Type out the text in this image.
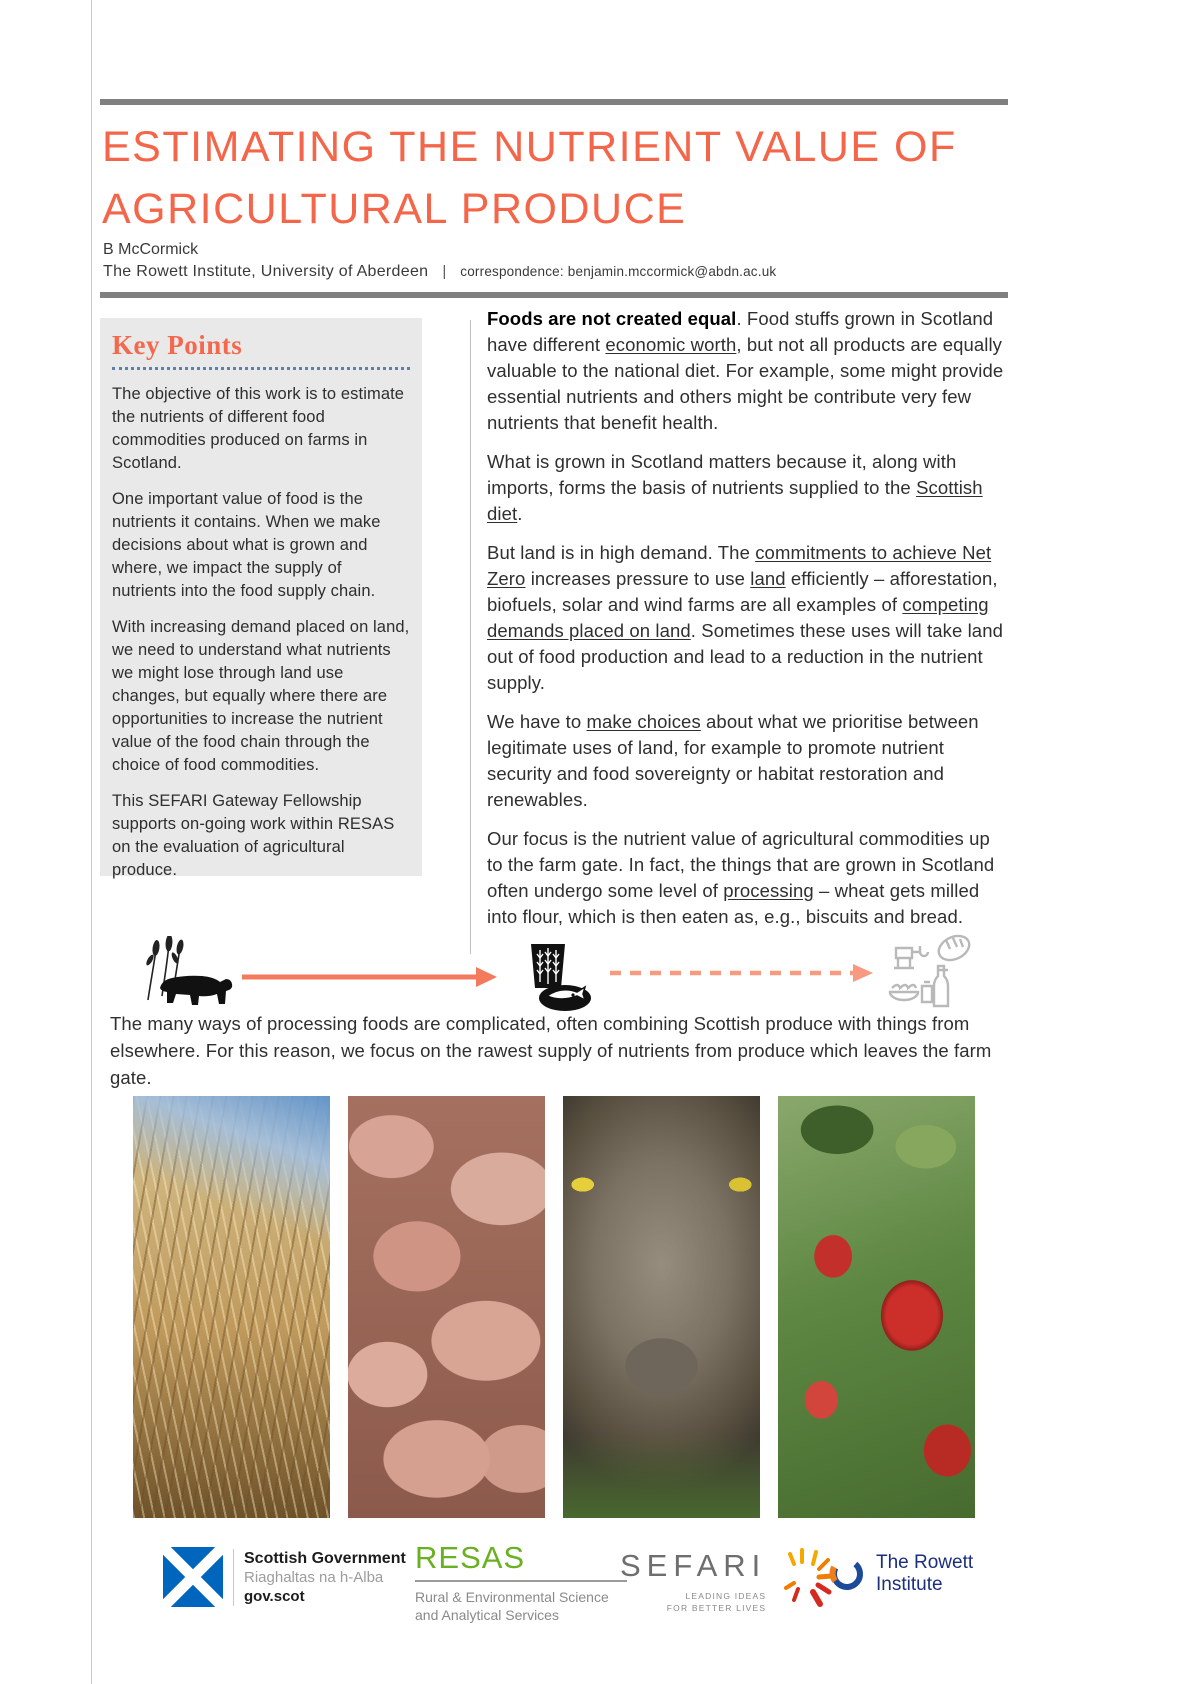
ESTIMATING THE NUTRIENT VALUE OF
AGRICULTURAL PRODUCE
B McCormick
The Rowett Institute, University of Aberdeen | correspondence: benjamin.mccormick@abdn.ac.uk
Key Points

The objective of this work is to estimate the nutrients of different food commodities produced on farms in Scotland.

One important value of food is the nutrients it contains. When we make decisions about what is grown and where, we impact the supply of nutrients into the food supply chain.

With increasing demand placed on land, we need to understand what nutrients we might lose through land use changes, but equally where there are opportunities to increase the nutrient value of the food chain through the choice of food commodities.

This SEFARI Gateway Fellowship supports on-going work within RESAS on the evaluation of agricultural produce.

Foods are not created equal. Food stuffs grown in Scotland have different economic worth, but not all products are equally valuable to the national diet. For example, some might provide essential nutrients and others might be contribute very few nutrients that benefit health.

What is grown in Scotland matters because it, along with imports, forms the basis of nutrients supplied to the Scottish diet.

But land is in high demand. The commitments to achieve Net Zero increases pressure to use land efficiently – afforestation, biofuels, solar and wind farms are all examples of competing demands placed on land. Sometimes these uses will take land out of food production and lead to a reduction in the nutrient supply.

We have to make choices about what we prioritise between legitimate uses of land, for example to promote nutrient security and food sovereignty or habitat restoration and renewables.

Our focus is the nutrient value of agricultural commodities up to the farm gate. In fact, the things that are grown in Scotland often undergo some level of processing – wheat gets milled into flour, which is then eaten as, e.g., biscuits and bread.

The many ways of processing foods are complicated, often combining Scottish produce with things from elsewhere. For this reason, we focus on the rawest supply of nutrients from produce which leaves the farm gate.
Scottish Government
Riaghaltas na h-Alba
gov.scot
RESAS
Rural & Environmental Science
and Analytical Services
SEFARI
LEADING IDEAS
FOR BETTER LIVES
The Rowett
Institute
